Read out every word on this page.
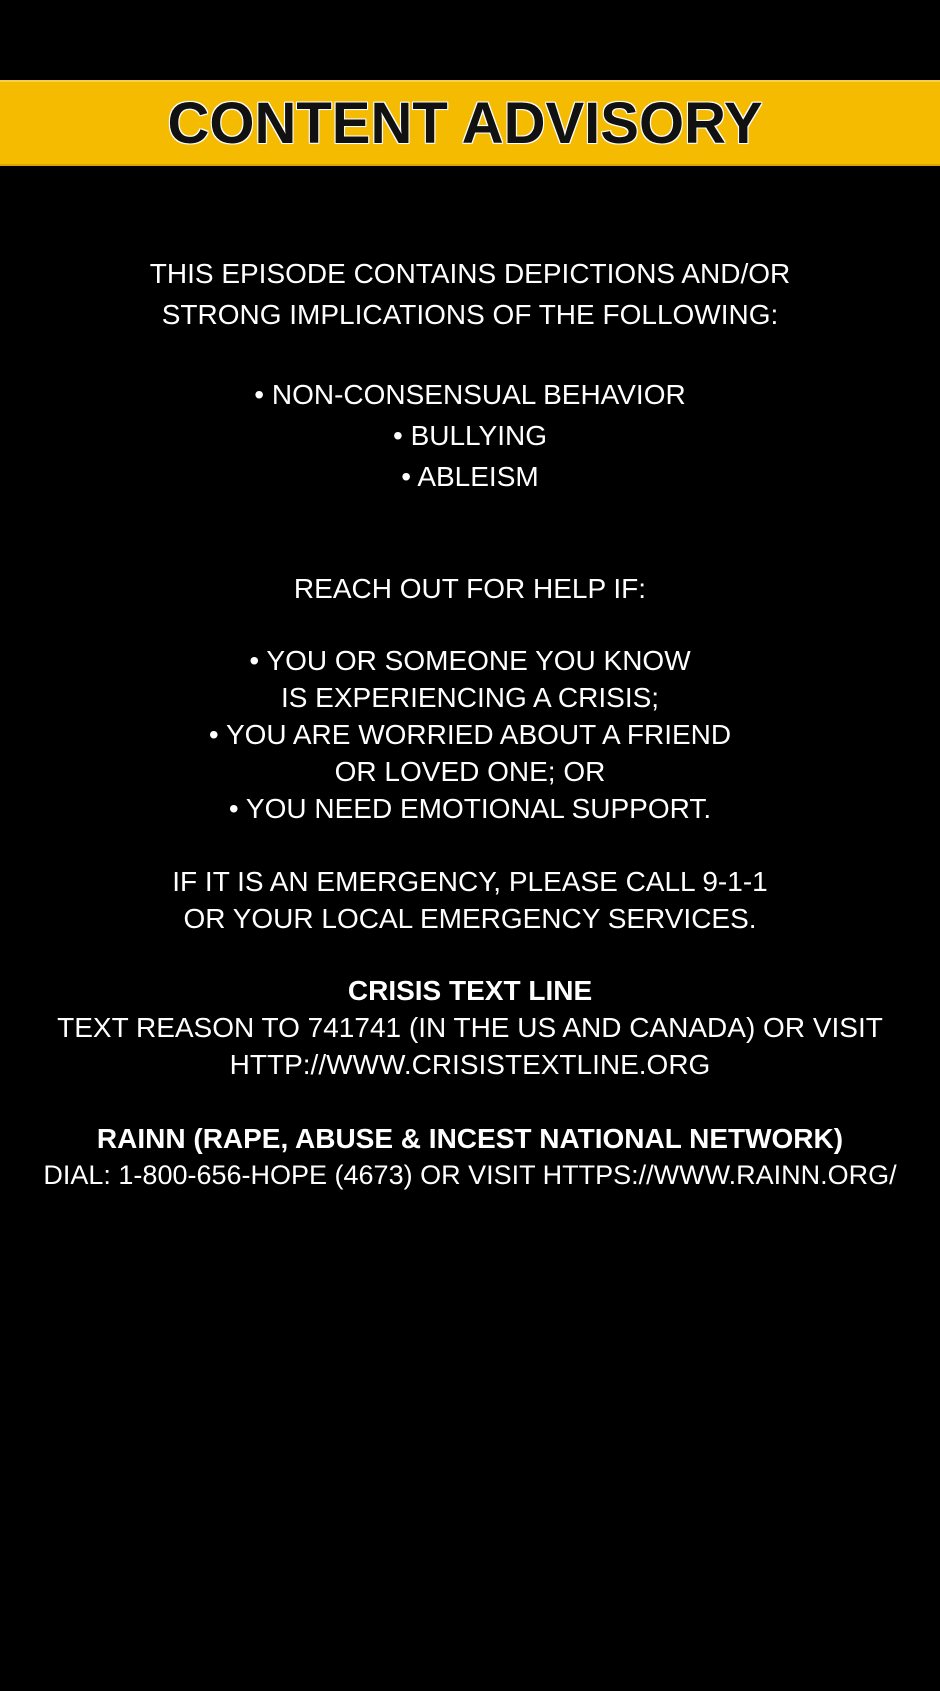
CONTENT ADVISORY
THIS EPISODE CONTAINS DEPICTIONS AND/OR
STRONG IMPLICATIONS OF THE FOLLOWING:
• NON-CONSENSUAL BEHAVIOR
• BULLYING
• ABLEISM
REACH OUT FOR HELP IF:
• YOU OR SOMEONE YOU KNOW
IS EXPERIENCING A CRISIS;
• YOU ARE WORRIED ABOUT A FRIEND
OR LOVED ONE; OR
• YOU NEED EMOTIONAL SUPPORT.
IF IT IS AN EMERGENCY, PLEASE CALL 9-1-1
OR YOUR LOCAL EMERGENCY SERVICES.
CRISIS TEXT LINE
TEXT REASON TO 741741 (IN THE US AND CANADA) OR VISIT
HTTP://WWW.CRISISTEXTLINE.ORG
RAINN (RAPE, ABUSE & INCEST NATIONAL NETWORK)
DIAL: 1-800-656-HOPE (4673) OR VISIT HTTPS://WWW.RAINN.ORG/
